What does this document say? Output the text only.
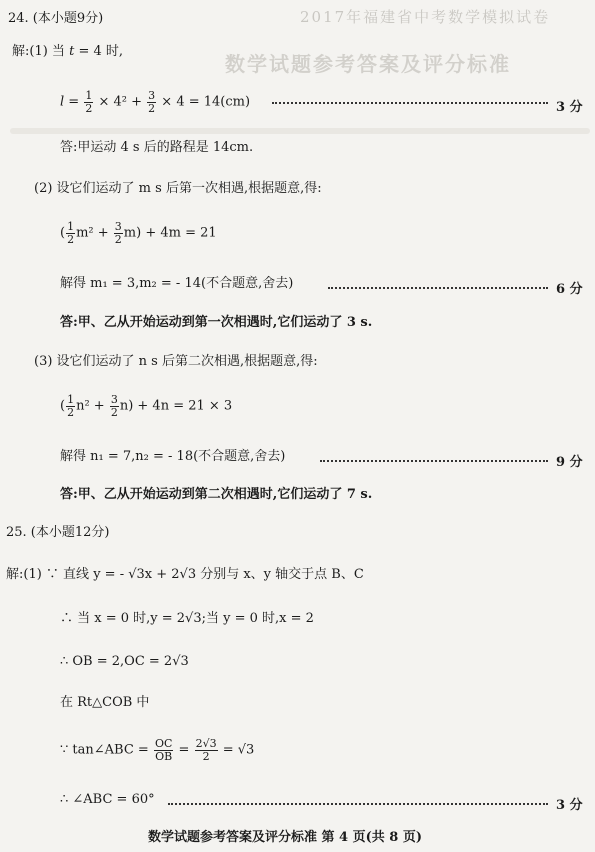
2017年福建省中考数学模拟试卷
数学试题参考答案及评分标准
24. (本小题9分)
解:(1) 当 t = 4 时,
$l = \frac{1}{2} \times 4^2 + \frac{3}{2} \times 4 = 14(cm)$	3 分
答:甲运动 4 s 后的路程是 14cm.
(2) 设它们运动了 m s 后第一次相遇,根据题意,得:
( $\frac{1}{2} m^2 + \frac{3}{2} m) + 4m = 21$
解得 m₁ = 3,m₂ = - 14(不合题意,舍去)	6 分
答:甲、乙从开始运动到第一次相遇时,它们运动了 3 s.
(3) 设它们运动了 n s 后第二次相遇,根据题意,得:
( $\frac{1}{2} n^2 + \frac{3}{2} n) + 4n = 21 \times 3$
解得 n₁ = 7,n₂ = - 18(不合题意,舍去)	9 分
答:甲、乙从开始运动到第二次相遇时,它们运动了 7 s.
25. (本小题12分)
解:(1) ∵ 直线 y = - √3x + 2√3 分别与 x、y 轴交于点 B、C
∴ 当 x = 0 时,y = 2√3;当 y = 0 时,x = 2
∴ OB = 2,OC = 2√3
在 Rt△COB 中
∵ tan∠ABC = $\frac{OC}{OB} = \frac{2√3}{2} = √3$
∴ ∠ABC = 60°	3 分
数学试题参考答案及评分标准 第 4 页(共 8 页)
